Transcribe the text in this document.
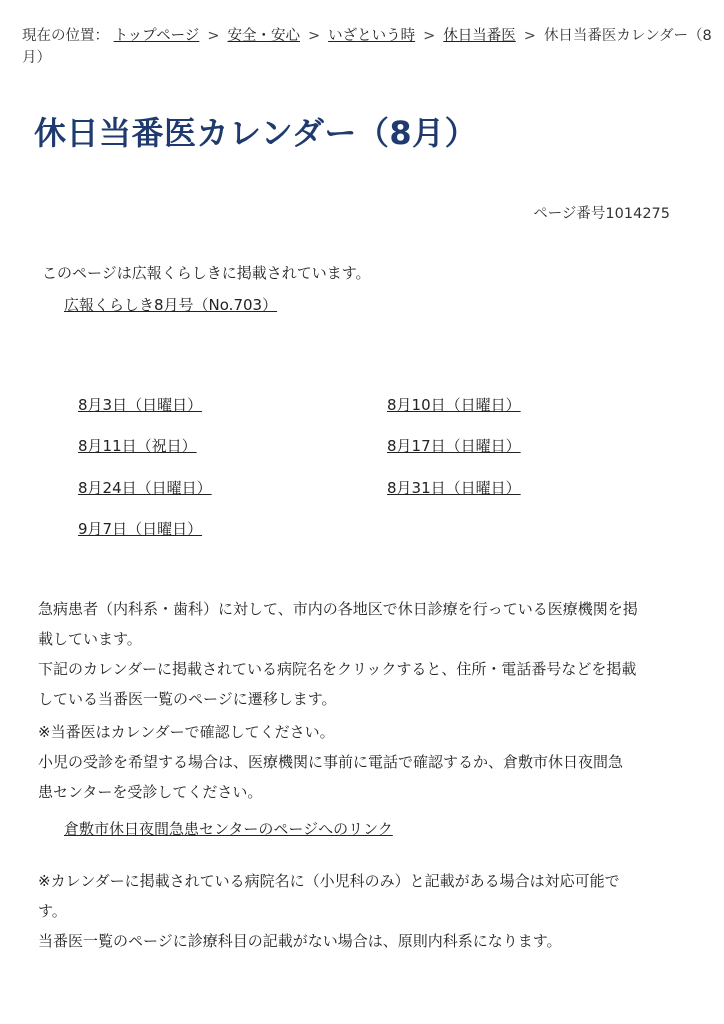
現在の位置： トップページ > 安全・安心 > いざという時 > 休日当番医 > 休日当番医カレンダー（8月）
休日当番医カレンダー（8月）
ページ番号1014275
このページは広報くらしきに掲載されています。
広報くらしき8月号（No.703）
8月3日（日曜日）	8月10日（日曜日）
8月11日（祝日）	8月17日（日曜日）
8月24日（日曜日）	8月31日（日曜日）
9月7日（日曜日）
急病患者（内科系・歯科）に対して、市内の各地区で休日診療を行っている医療機関を掲
載しています。
下記のカレンダーに掲載されている病院名をクリックすると、住所・電話番号などを掲載
している当番医一覧のページに遷移します。
※当番医はカレンダーで確認してください。
小児の受診を希望する場合は、医療機関に事前に電話で確認するか、倉敷市休日夜間急
患センターを受診してください。
倉敷市休日夜間急患センターのページへのリンク
※カレンダーに掲載されている病院名に（小児科のみ）と記載がある場合は対応可能で
す。
当番医一覧のページに診療科目の記載がない場合は、原則内科系になります。
